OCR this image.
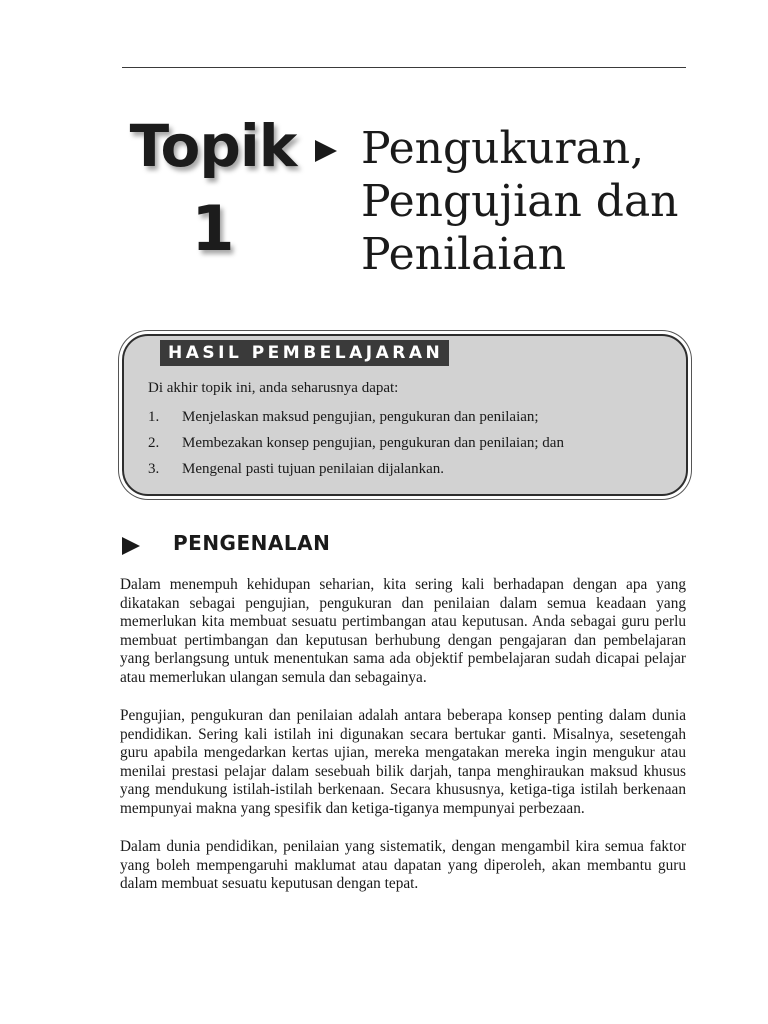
Topik
1
Pengukuran,
Pengujian dan
Penilaian
HASIL PEMBELAJARAN
Di akhir topik ini, anda seharusnya dapat:
1. Menjelaskan maksud pengujian, pengukuran dan penilaian;
2. Membezakan konsep pengujian, pengukuran dan penilaian; dan
3. Mengenal pasti tujuan penilaian dijalankan.
PENGENALAN

Dalam menempuh kehidupan seharian, kita sering kali berhadapan dengan apa yang dikatakan sebagai pengujian, pengukuran dan penilaian dalam semua keadaan yang memerlukan kita membuat sesuatu pertimbangan atau keputusan. Anda sebagai guru perlu membuat pertimbangan dan keputusan berhubung dengan pengajaran dan pembelajaran yang berlangsung untuk menentukan sama ada objektif pembelajaran sudah dicapai pelajar atau memerlukan ulangan semula dan sebagainya.

Pengujian, pengukuran dan penilaian adalah antara beberapa konsep penting dalam dunia pendidikan. Sering kali istilah ini digunakan secara bertukar ganti. Misalnya, sesetengah guru apabila mengedarkan kertas ujian, mereka mengatakan mereka ingin mengukur atau menilai prestasi pelajar dalam sesebuah bilik darjah, tanpa menghiraukan maksud khusus yang mendukung istilah-istilah berkenaan. Secara khususnya, ketiga-tiga istilah berkenaan mempunyai makna yang spesifik dan ketiga-tiganya mempunyai perbezaan.

Dalam dunia pendidikan, penilaian yang sistematik, dengan mengambil kira semua faktor yang boleh mempengaruhi maklumat atau dapatan yang diperoleh, akan membantu guru dalam membuat sesuatu keputusan dengan tepat.
